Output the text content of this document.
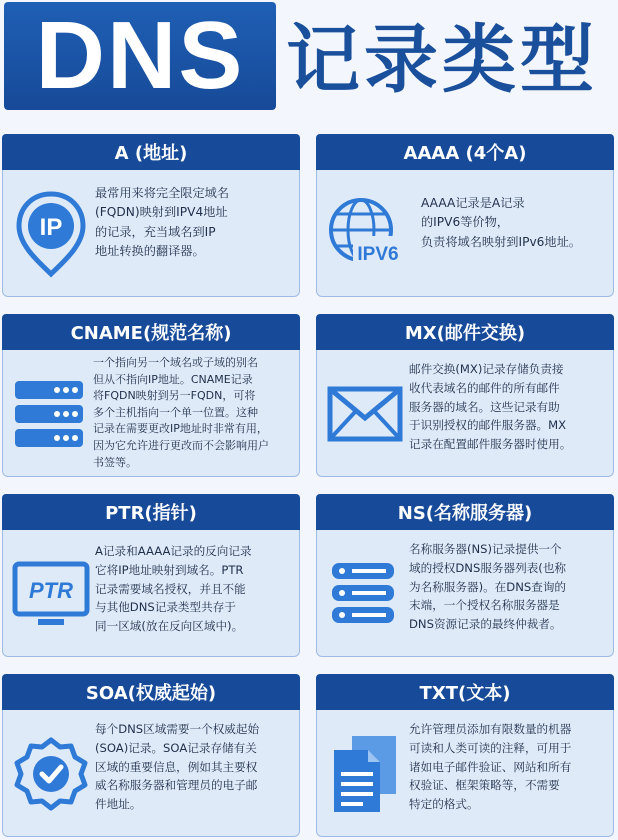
DNS 记录类型
A (地址)
IP
最常用来将完全限定域名
(FQDN)映射到IPV4地址
的记录，充当域名到IP
地址转换的翻译器。
AAAA (4个A)
IPV6
AAAA记录是A记录
的IPV6等价物，
负责将域名映射到IPv6地址。
CNAME(规范名称)
一个指向另一个域名或子域的别名
但从不指向IP地址。CNAME记录
将FQDN映射到另一FQDN，可将
多个主机指向一个单一位置。这种
记录在需要更改IP地址时非常有用，
因为它允许进行更改而不会影响用户
书签等。
MX(邮件交换)
邮件交换(MX)记录存储负责接
收代表域名的邮件的所有邮件
服务器的域名。这些记录有助
于识别授权的邮件服务器。MX
记录在配置邮件服务器时使用。
PTR(指针)
PTR
A记录和AAAA记录的反向记录
它将IP地址映射到域名。PTR
记录需要域名授权，并且不能
与其他DNS记录类型共存于
同一区域(放在反向区域中)。
NS(名称服务器)
名称服务器(NS)记录提供一个
域的授权DNS服务器列表(也称
为名称服务器)。在DNS查询的
末端，一个授权名称服务器是
DNS资源记录的最终仲裁者。
SOA(权威起始)
每个DNS区域需要一个权威起始
(SOA)记录。SOA记录存储有关
区域的重要信息，例如其主要权
威名称服务器和管理员的电子邮
件地址。
TXT(文本)
允许管理员添加有限数量的机器
可读和人类可读的注释，可用于
诸如电子邮件验证、网站和所有
权验证、框架策略等，不需要
特定的格式。
